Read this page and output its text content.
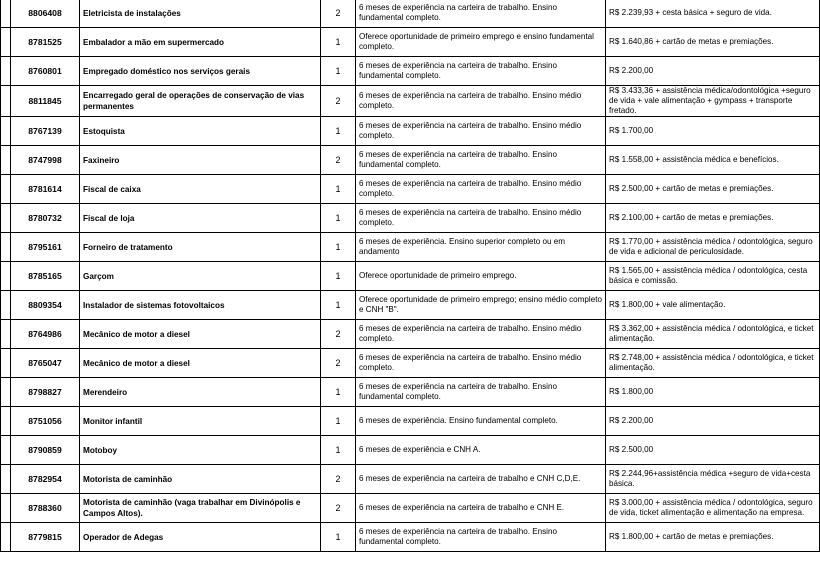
	8806408	Eletricista de instalações	2	6 meses de experiência na carteira de trabalho. Ensino fundamental completo.	R$ 2.239,93 + cesta básica + seguro de vida.
	8781525	Embalador a mão em supermercado	1	Oferece oportunidade de primeiro emprego e ensino fundamental completo.	R$ 1.640,86 + cartão de metas e premiações.
	8760801	Empregado doméstico nos serviços gerais	1	6 meses de experiência na carteira de trabalho. Ensino fundamental completo.	R$ 2.200,00
	8811845	Encarregado geral de operações de conservação de vias permanentes	2	6 meses de experiência na carteira de trabalho. Ensino médio completo.	R$ 3.433,36 + assistência médica/odontológica +seguro de vida + vale alimentação + gympass + transporte fretado.
	8767139	Estoquista	1	6 meses de experiência na carteira de trabalho. Ensino médio completo.	R$ 1.700,00
	8747998	Faxineiro	2	6 meses de experiência na carteira de trabalho. Ensino fundamental completo.	R$ 1.558,00 + assistência médica e benefícios.
	8781614	Fiscal de caixa	1	6 meses de experiência na carteira de trabalho. Ensino médio completo.	R$ 2.500,00 + cartão de metas e premiações.
	8780732	Fiscal de loja	1	6 meses de experiência na carteira de trabalho. Ensino médio completo.	R$ 2.100,00 + cartão de metas e premiações.
	8795161	Forneiro de tratamento	1	6 meses de experiência. Ensino superior completo ou em andamento	R$ 1.770,00 + assistência médica / odontológica, seguro de vida e adicional de periculosidade.
	8785165	Garçom	1	Oferece oportunidade de primeiro emprego.	R$ 1.565,00 + assistência médica / odontológica, cesta básica e comissão.
	8809354	Instalador de sistemas fotovoltaicos	1	Oferece oportunidade de primeiro emprego; ensino médio completo e CNH "B".	R$ 1.800,00 + vale alimentação.
	8764986	Mecânico de motor a diesel	2	6 meses de experiência na carteira de trabalho. Ensino médio completo.	R$ 3.362,00 + assistência médica / odontológica, e ticket alimentação.
	8765047	Mecânico de motor a diesel	2	6 meses de experiência na carteira de trabalho. Ensino médio completo.	R$ 2.748,00 + assistência médica / odontológica, e ticket alimentação.
	8798827	Merendeiro	1	6 meses de experiência na carteira de trabalho. Ensino fundamental completo.	R$ 1.800,00
	8751056	Monitor infantil	1	6 meses de experiência. Ensino fundamental completo.	R$ 2.200,00
	8790859	Motoboy	1	6 meses de experiência e CNH A.	R$ 2.500,00
	8782954	Motorista de caminhão	2	6 meses de experiência na carteira de trabalho e CNH C,D,E.	R$ 2.244,96+assistência médica +seguro de vida+cesta básica.
	8788360	Motorista de caminhão (vaga trabalhar em Divinópolis e Campos Altos).	2	6 meses de experiência na carteira de trabalho e CNH E.	R$ 3.000,00 + assistência médica / odontológica, seguro de vida, ticket alimentação e alimentação na empresa.
	8779815	Operador de Adegas	1	6 meses de experiência na carteira de trabalho. Ensino fundamental completo.	R$ 1.800,00 + cartão de metas e premiações.
